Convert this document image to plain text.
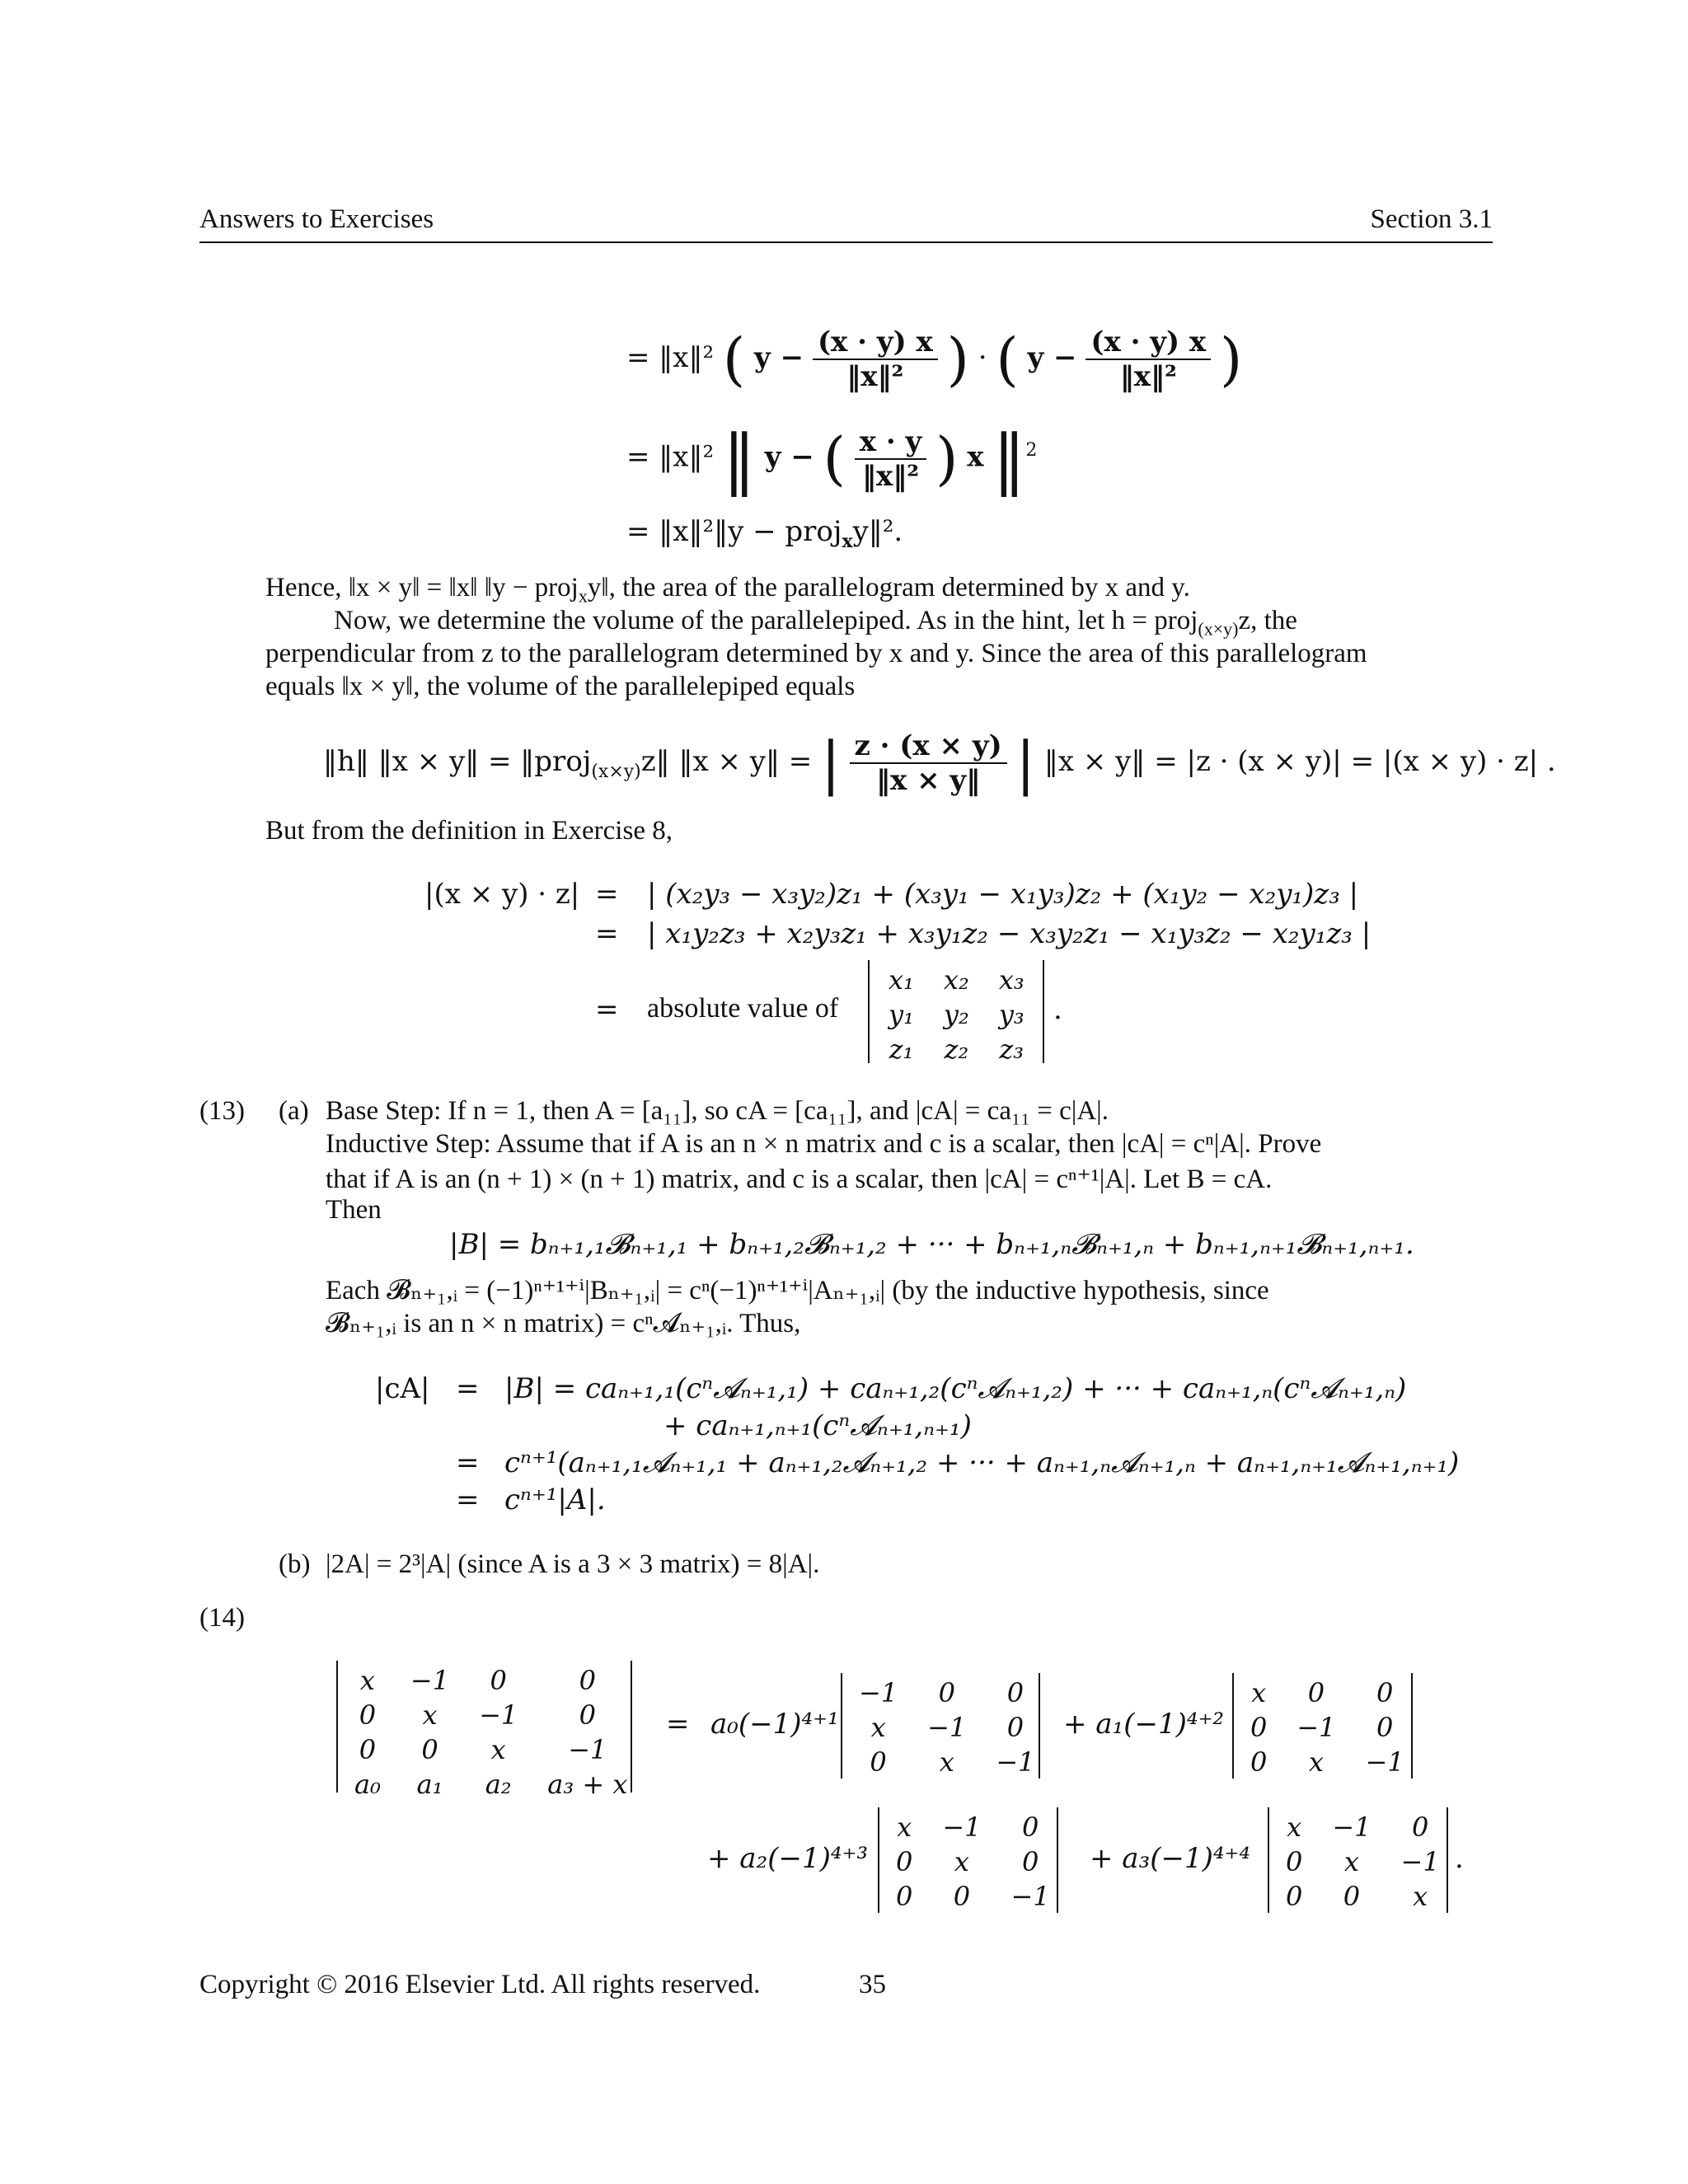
Answers to Exercises	Section 3.1
= ‖x‖² ( $y - \frac{(x \cdot y) x}{\text{‖x‖²}}$ ) · ( $y - \frac{(x \cdot y) x}{\text{‖x‖²}}$ )
= ‖x‖² ‖ y − ( $\frac{x \cdot y}{\text{‖x‖²}}$ ) x ‖$^2$
= ‖x‖²‖y − proj$_x$y‖².
Hence, ‖x × y‖ = ‖x‖ ‖y − proj$_x$y‖, the area of the parallelogram determined by x and y.
Now, we determine the volume of the parallelepiped. As in the hint, let h = proj$_{(x\times y)}$z, the
perpendicular from z to the parallelogram determined by x and y. Since the area of this parallelogram
equals ‖x × y‖, the volume of the parallelepiped equals
‖h‖ ‖x × y‖ = ‖proj$_{(x\times y)}$z‖ ‖x × y‖ = | $\frac{z \cdot (x \times y)}{‖x \times y‖}$ | ‖x × y‖ = |z · (x × y)| = |(x × y) · z| .
But from the definition in Exercise 8,
|(x × y) · z| = | (x₂y₃ − x₃y₂)z₁ + (x₃y₁ − x₁y₃)z₂ + (x₁y₂ − x₂y₁)z₃ |
= | x₁y₂z₃ + x₂y₃z₁ + x₃y₁z₂ − x₃y₂z₁ − x₁y₃z₂ − x₂y₁z₃ |
= absolute value of
x₁	x₂	x₃
y₁	y₂	y₃
z₁	z₂	z₃
.
(13) (a) Base Step: If n = 1, then A = [a₁₁], so cA = [ca₁₁], and |cA| = ca₁₁ = c|A|.
Inductive Step: Assume that if A is an n × n matrix and c is a scalar, then |cA| = cⁿ|A|. Prove
that if A is an (n + 1) × (n + 1) matrix, and c is a scalar, then |cA| = cⁿ⁺¹|A|. Let B = cA.
Then
|B| = bₙ₊₁,₁𝓑ₙ₊₁,₁ + bₙ₊₁,₂𝓑ₙ₊₁,₂ + ··· + bₙ₊₁,ₙ𝓑ₙ₊₁,ₙ + bₙ₊₁,ₙ₊₁𝓑ₙ₊₁,ₙ₊₁.
Each 𝓑ₙ₊₁,ᵢ = (−1)ⁿ⁺¹⁺ⁱ|Bₙ₊₁,ᵢ| = cⁿ(−1)ⁿ⁺¹⁺ⁱ|Aₙ₊₁,ᵢ| (by the inductive hypothesis, since
𝓑ₙ₊₁,ᵢ is an n × n matrix) = cⁿ𝓐ₙ₊₁,ᵢ. Thus,
|cA| = |B| = caₙ₊₁,₁(cⁿ𝓐ₙ₊₁,₁) + caₙ₊₁,₂(cⁿ𝓐ₙ₊₁,₂) + ··· + caₙ₊₁,ₙ(cⁿ𝓐ₙ₊₁,ₙ)
+ caₙ₊₁,ₙ₊₁(cⁿ𝓐ₙ₊₁,ₙ₊₁)
= cⁿ⁺¹(aₙ₊₁,₁𝓐ₙ₊₁,₁ + aₙ₊₁,₂𝓐ₙ₊₁,₂ + ··· + aₙ₊₁,ₙ𝓐ₙ₊₁,ₙ + aₙ₊₁,ₙ₊₁𝓐ₙ₊₁,ₙ₊₁)
= cⁿ⁺¹|A|.
(b) |2A| = 2³|A| (since A is a 3 × 3 matrix) = 8|A|.
(14)
x	−1	0	0
0	x	−1	0
0	0	x	−1
a₀	a₁	a₂	a₃ + x
= a₀(−1)⁴⁺¹
−1	0	0
x	−1	0
0	x	−1
+ a₁(−1)⁴⁺²
x	0	0
0	−1	0
0	x	−1
+ a₂(−1)⁴⁺³
x	−1	0
0	x	0
0	0	−1
+ a₃(−1)⁴⁺⁴
x	−1	0
0	x	−1
0	0	x
.
Copyright © 2016 Elsevier Ltd. All rights reserved.	35
